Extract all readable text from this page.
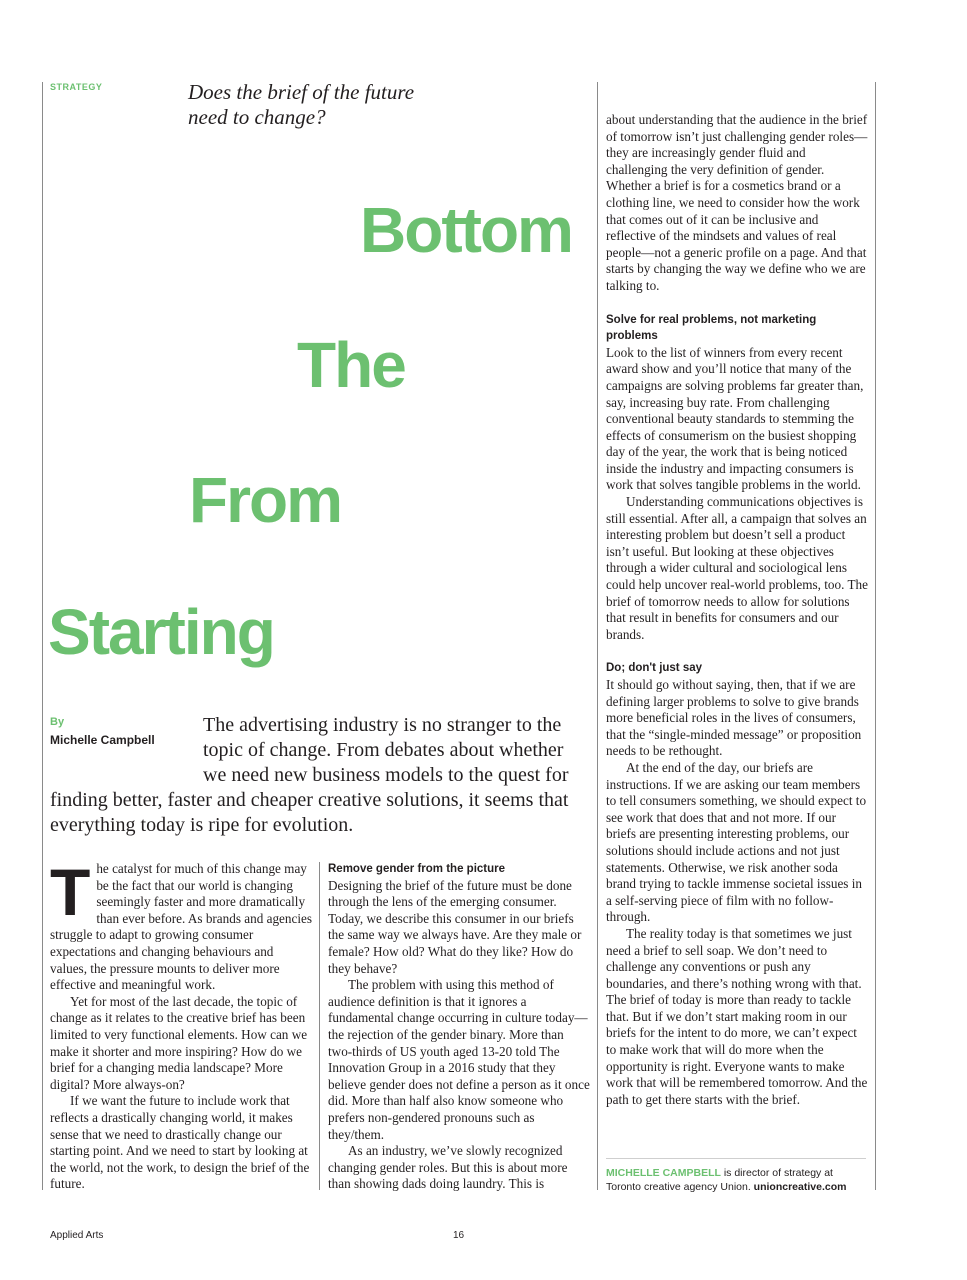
STRATEGY	Does the brief of the future need to change?
Bottom
The
From
Starting
By
Michelle Campbell
The advertising industry is no stranger to the topic of change. From debates about whether we need new business models to the quest for finding better, faster and cheaper creative solutions, it seems that everything today is ripe for evolution.

The catalyst for much of this change may be the fact that our world is changing seemingly faster and more dramatically than ever before. As brands and agencies struggle to adapt to growing consumer expectations and changing behaviours and values, the pressure mounts to deliver more effective and meaningful work.

Yet for most of the last decade, the topic of change as it relates to the creative brief has been limited to very functional elements. How can we make it shorter and more inspiring? How do we brief for a changing media landscape? More digital? More always-on?

If we want the future to include work that reflects a drastically changing world, it makes sense that we need to drastically change our starting point. And we need to start by looking at the world, not the work, to design the brief of the future.

Remove gender from the picture

Designing the brief of the future must be done through the lens of the emerging consumer. Today, we describe this consumer in our briefs the same way we always have. Are they male or female? How old? What do they like? How do they behave?

The problem with using this method of audience definition is that it ignores a fundamental change occurring in culture today—the rejection of the gender binary. More than two-thirds of US youth aged 13-20 told The Innovation Group in a 2016 study that they believe gender does not define a person as it once did. More than half also know someone who prefers non-gendered pronouns such as they/them.

As an industry, we’ve slowly recognized changing gender roles. But this is about more than showing dads doing laundry. This is

about understanding that the audience in the brief of tomorrow isn’t just challenging gender roles—they are increasingly gender fluid and challenging the very definition of gender. Whether a brief is for a cosmetics brand or a clothing line, we need to consider how the work that comes out of it can be inclusive and reflective of the mindsets and values of real people—not a generic profile on a page. And that starts by changing the way we define who we are talking to.

Solve for real problems, not marketing problems

Look to the list of winners from every recent award show and you’ll notice that many of the campaigns are solving problems far greater than, say, increasing buy rate. From challenging conventional beauty standards to stemming the effects of consumerism on the busiest shopping day of the year, the work that is being noticed inside the industry and impacting consumers is work that solves tangible problems in the world.

Understanding communications objectives is still essential. After all, a campaign that solves an interesting problem but doesn’t sell a product isn’t useful. But looking at these objectives through a wider cultural and sociological lens could help uncover real-world problems, too. The brief of tomorrow needs to allow for solutions that result in benefits for consumers and our brands.

Do; don't just say

It should go without saying, then, that if we are defining larger problems to solve to give brands more beneficial roles in the lives of consumers, that the “single-minded message” or proposition needs to be rethought.

At the end of the day, our briefs are instructions. If we are asking our team members to tell consumers something, we should expect to see work that does that and not more. If our briefs are presenting interesting problems, our solutions should include actions and not just statements. Otherwise, we risk another soda brand trying to tackle immense societal issues in a self-serving piece of film with no follow-through.

The reality today is that sometimes we just need a brief to sell soap. We don’t need to challenge any conventions or push any boundaries, and there’s nothing wrong with that. The brief of today is more than ready to tackle that. But if we don’t start making room in our briefs for the intent to do more, we can’t expect to make work that will do more when the opportunity is right. Everyone wants to make work that will be remembered tomorrow. And the path to get there starts with the brief.

MICHELLE CAMPBELL is director of strategy at Toronto creative agency Union. unioncreative.com
Applied Arts	16
